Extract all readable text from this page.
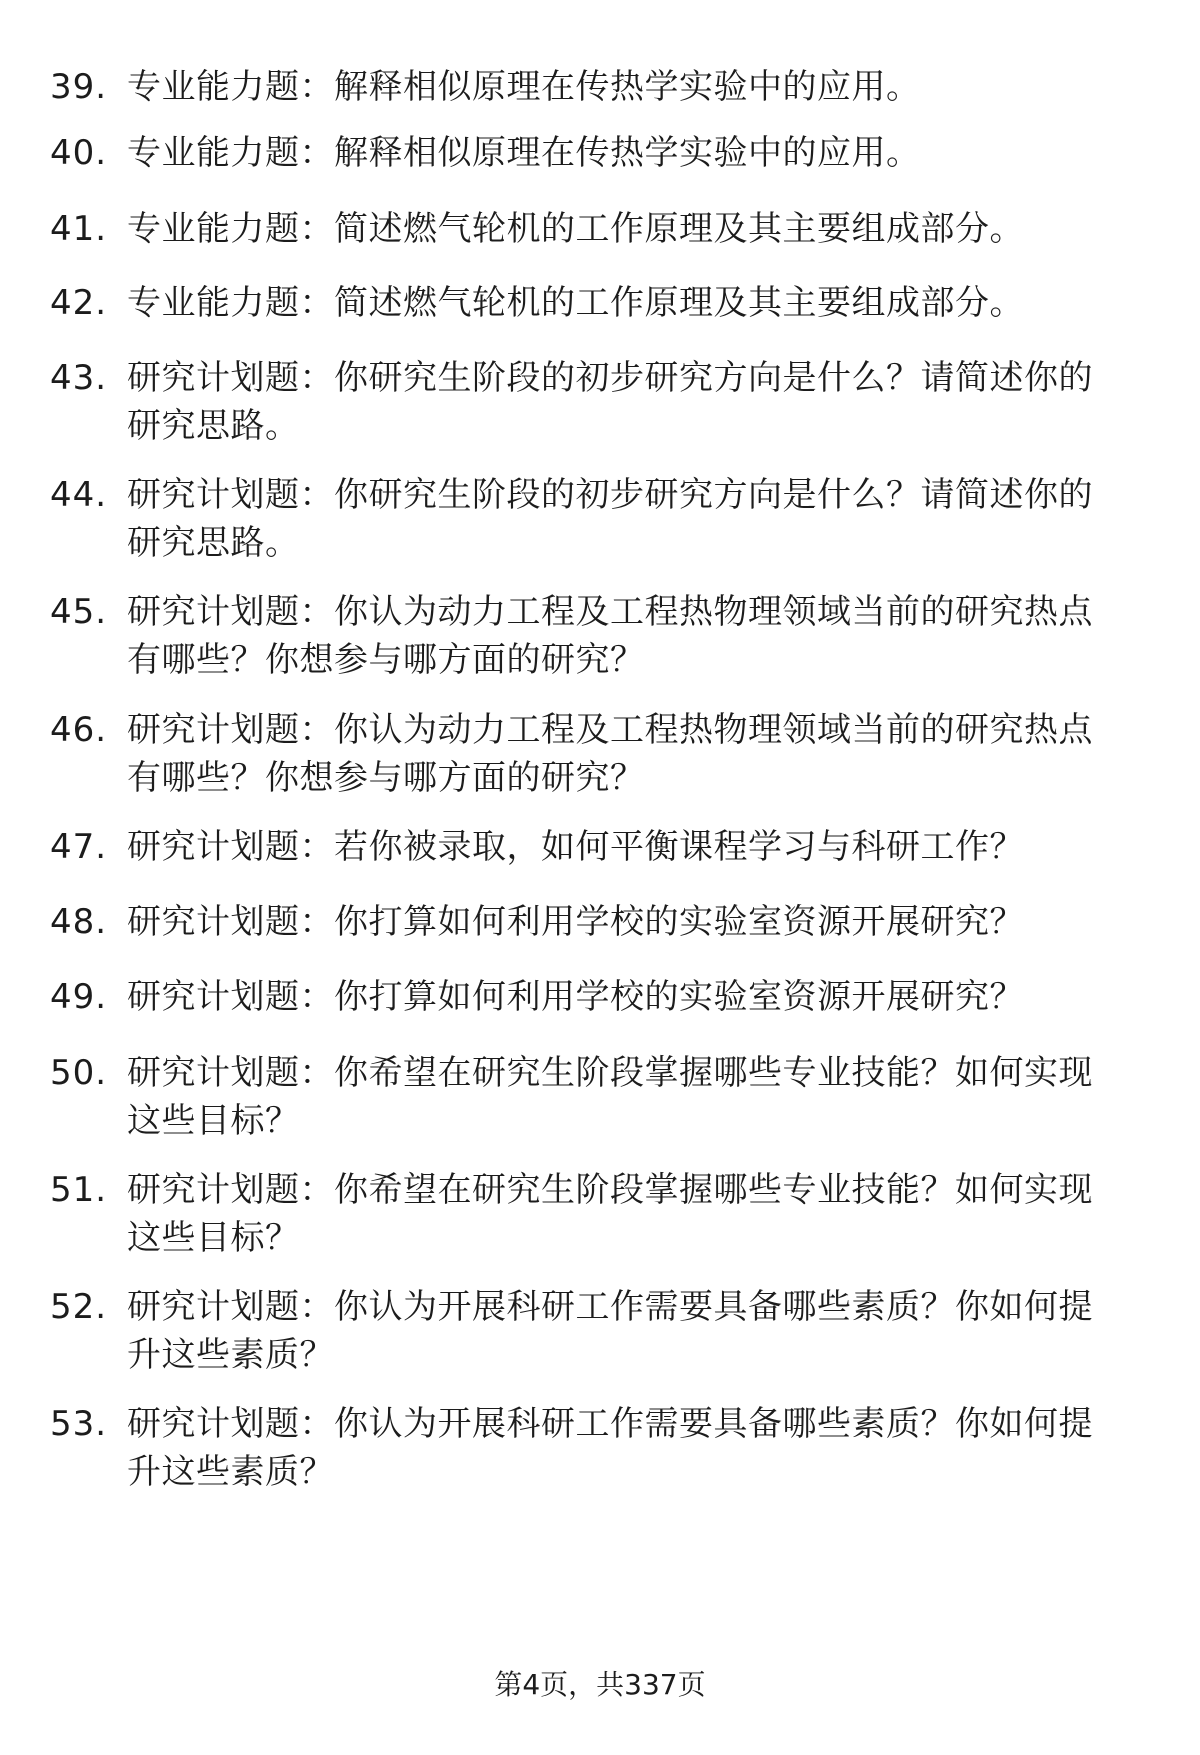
39. 专业能力题：解释相似原理在传热学实验中的应用。
40. 专业能力题：解释相似原理在传热学实验中的应用。
41. 专业能力题：简述燃气轮机的工作原理及其主要组成部分。
42. 专业能力题：简述燃气轮机的工作原理及其主要组成部分。
43. 研究计划题：你研究生阶段的初步研究方向是什么？请简述你的
研究思路。
44. 研究计划题：你研究生阶段的初步研究方向是什么？请简述你的
研究思路。
45. 研究计划题：你认为动力工程及工程热物理领域当前的研究热点
有哪些？你想参与哪方面的研究？
46. 研究计划题：你认为动力工程及工程热物理领域当前的研究热点
有哪些？你想参与哪方面的研究？
47. 研究计划题：若你被录取，如何平衡课程学习与科研工作？
48. 研究计划题：你打算如何利用学校的实验室资源开展研究？
49. 研究计划题：你打算如何利用学校的实验室资源开展研究？
50. 研究计划题：你希望在研究生阶段掌握哪些专业技能？如何实现
这些目标？
51. 研究计划题：你希望在研究生阶段掌握哪些专业技能？如何实现
这些目标？
52. 研究计划题：你认为开展科研工作需要具备哪些素质？你如何提
升这些素质？
53. 研究计划题：你认为开展科研工作需要具备哪些素质？你如何提
升这些素质？
第4页，共337页
